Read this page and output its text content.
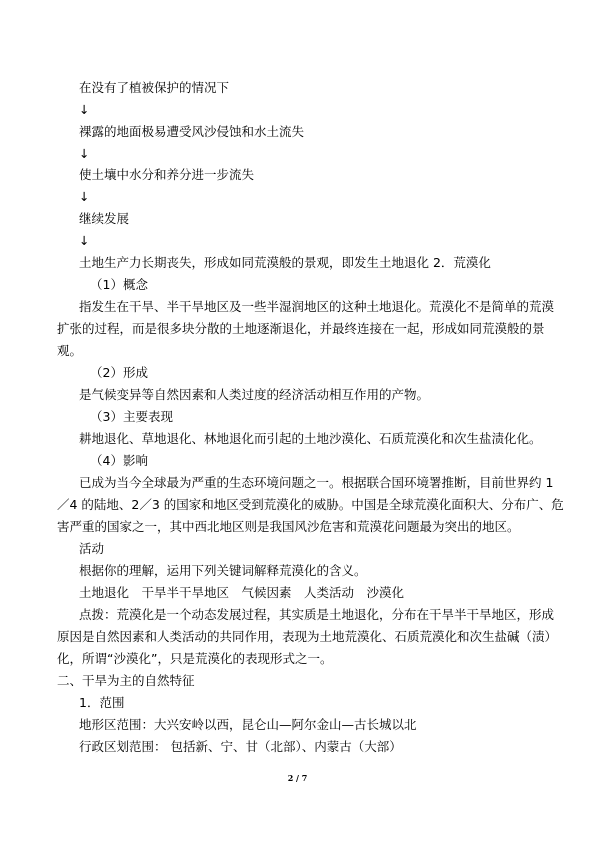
在没有了植被保护的情况下
↓
裸露的地面极易遭受风沙侵蚀和水土流失
↓
使土壤中水分和养分进一步流失
↓
继续发展
↓
土地生产力长期丧失，形成如同荒漠般的景观，即发生土地退化 2．荒漠化
（1）概念
指发生在干旱、半干旱地区及一些半湿润地区的这种土地退化。荒漠化不是简单的荒漠
扩张的过程，而是很多块分散的土地逐渐退化，并最终连接在一起，形成如同荒漠般的景
观。
（2）形成
是气候变异等自然因素和人类过度的经济活动相互作用的产物。
（3）主要表现
耕地退化、草地退化、林地退化而引起的土地沙漠化、石质荒漠化和次生盐渍化化。
（4）影响
已成为当今全球最为严重的生态环境问题之一。根据联合国环境署推断，目前世界约 1
／4 的陆地、2／3 的国家和地区受到荒漠化的威胁。中国是全球荒漠化面积大、分布广、危
害严重的国家之一，其中西北地区则是我国风沙危害和荒漠花问题最为突出的地区。
活动
根据你的理解，运用下列关键词解释荒漠化的含义。
土地退化　干旱半干旱地区　气候因素　人类活动　沙漠化
点拨：荒漠化是一个动态发展过程，其实质是土地退化，分布在干旱半干旱地区，形成
原因是自然因素和人类活动的共同作用，表现为土地荒漠化、石质荒漠化和次生盐碱（渍）
化，所谓“沙漠化”，只是荒漠化的表现形式之一。
二、干旱为主的自然特征
1．范围
地形区范围：大兴安岭以西，昆仑山—阿尔金山—古长城以北
行政区划范围： 包括新、宁、甘（北部）、内蒙古（大部）
2 / 7
